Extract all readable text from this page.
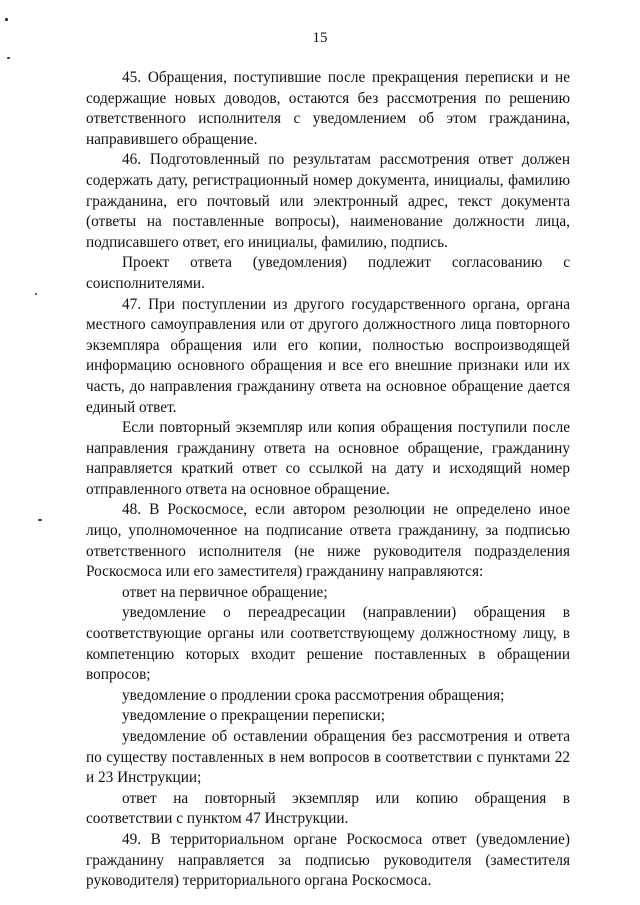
15

45. Обращения, поступившие после прекращения переписки и не содержащие новых доводов, остаются без рассмотрения по решению ответственного исполнителя с уведомлением об этом гражданина, направившего обращение.

46. Подготовленный по результатам рассмотрения ответ должен содержать дату, регистрационный номер документа, инициалы, фамилию гражданина, его почтовый или электронный адрес, текст документа (ответы на поставленные вопросы), наименование должности лица, подписавшего ответ, его инициалы, фамилию, подпись.

Проект ответа (уведомления) подлежит согласованию с соисполнителями.

47. При поступлении из другого государственного органа, органа местного самоуправления или от другого должностного лица повторного экземпляра обращения или его копии, полностью воспроизводящей информацию основного обращения и все его внешние признаки или их часть, до направления гражданину ответа на основное обращение дается единый ответ.

Если повторный экземпляр или копия обращения поступили после направления гражданину ответа на основное обращение, гражданину направляется краткий ответ со ссылкой на дату и исходящий номер отправленного ответа на основное обращение.

48. В Роскосмосе, если автором резолюции не определено иное лицо, уполномоченное на подписание ответа гражданину, за подписью ответственного исполнителя (не ниже руководителя подразделения Роскосмоса или его заместителя) гражданину направляются:

ответ на первичное обращение;

уведомление о переадресации (направлении) обращения в соответствующие органы или соответствующему должностному лицу, в компетенцию которых входит решение поставленных в обращении вопросов;

уведомление о продлении срока рассмотрения обращения;

уведомление о прекращении переписки;

уведомление об оставлении обращения без рассмотрения и ответа по существу поставленных в нем вопросов в соответствии с пунктами 22 и 23 Инструкции;

ответ на повторный экземпляр или копию обращения в соответствии с пунктом 47 Инструкции.

49. В территориальном органе Роскосмоса ответ (уведомление) гражданину направляется за подписью руководителя (заместителя руководителя) территориального органа Роскосмоса.
